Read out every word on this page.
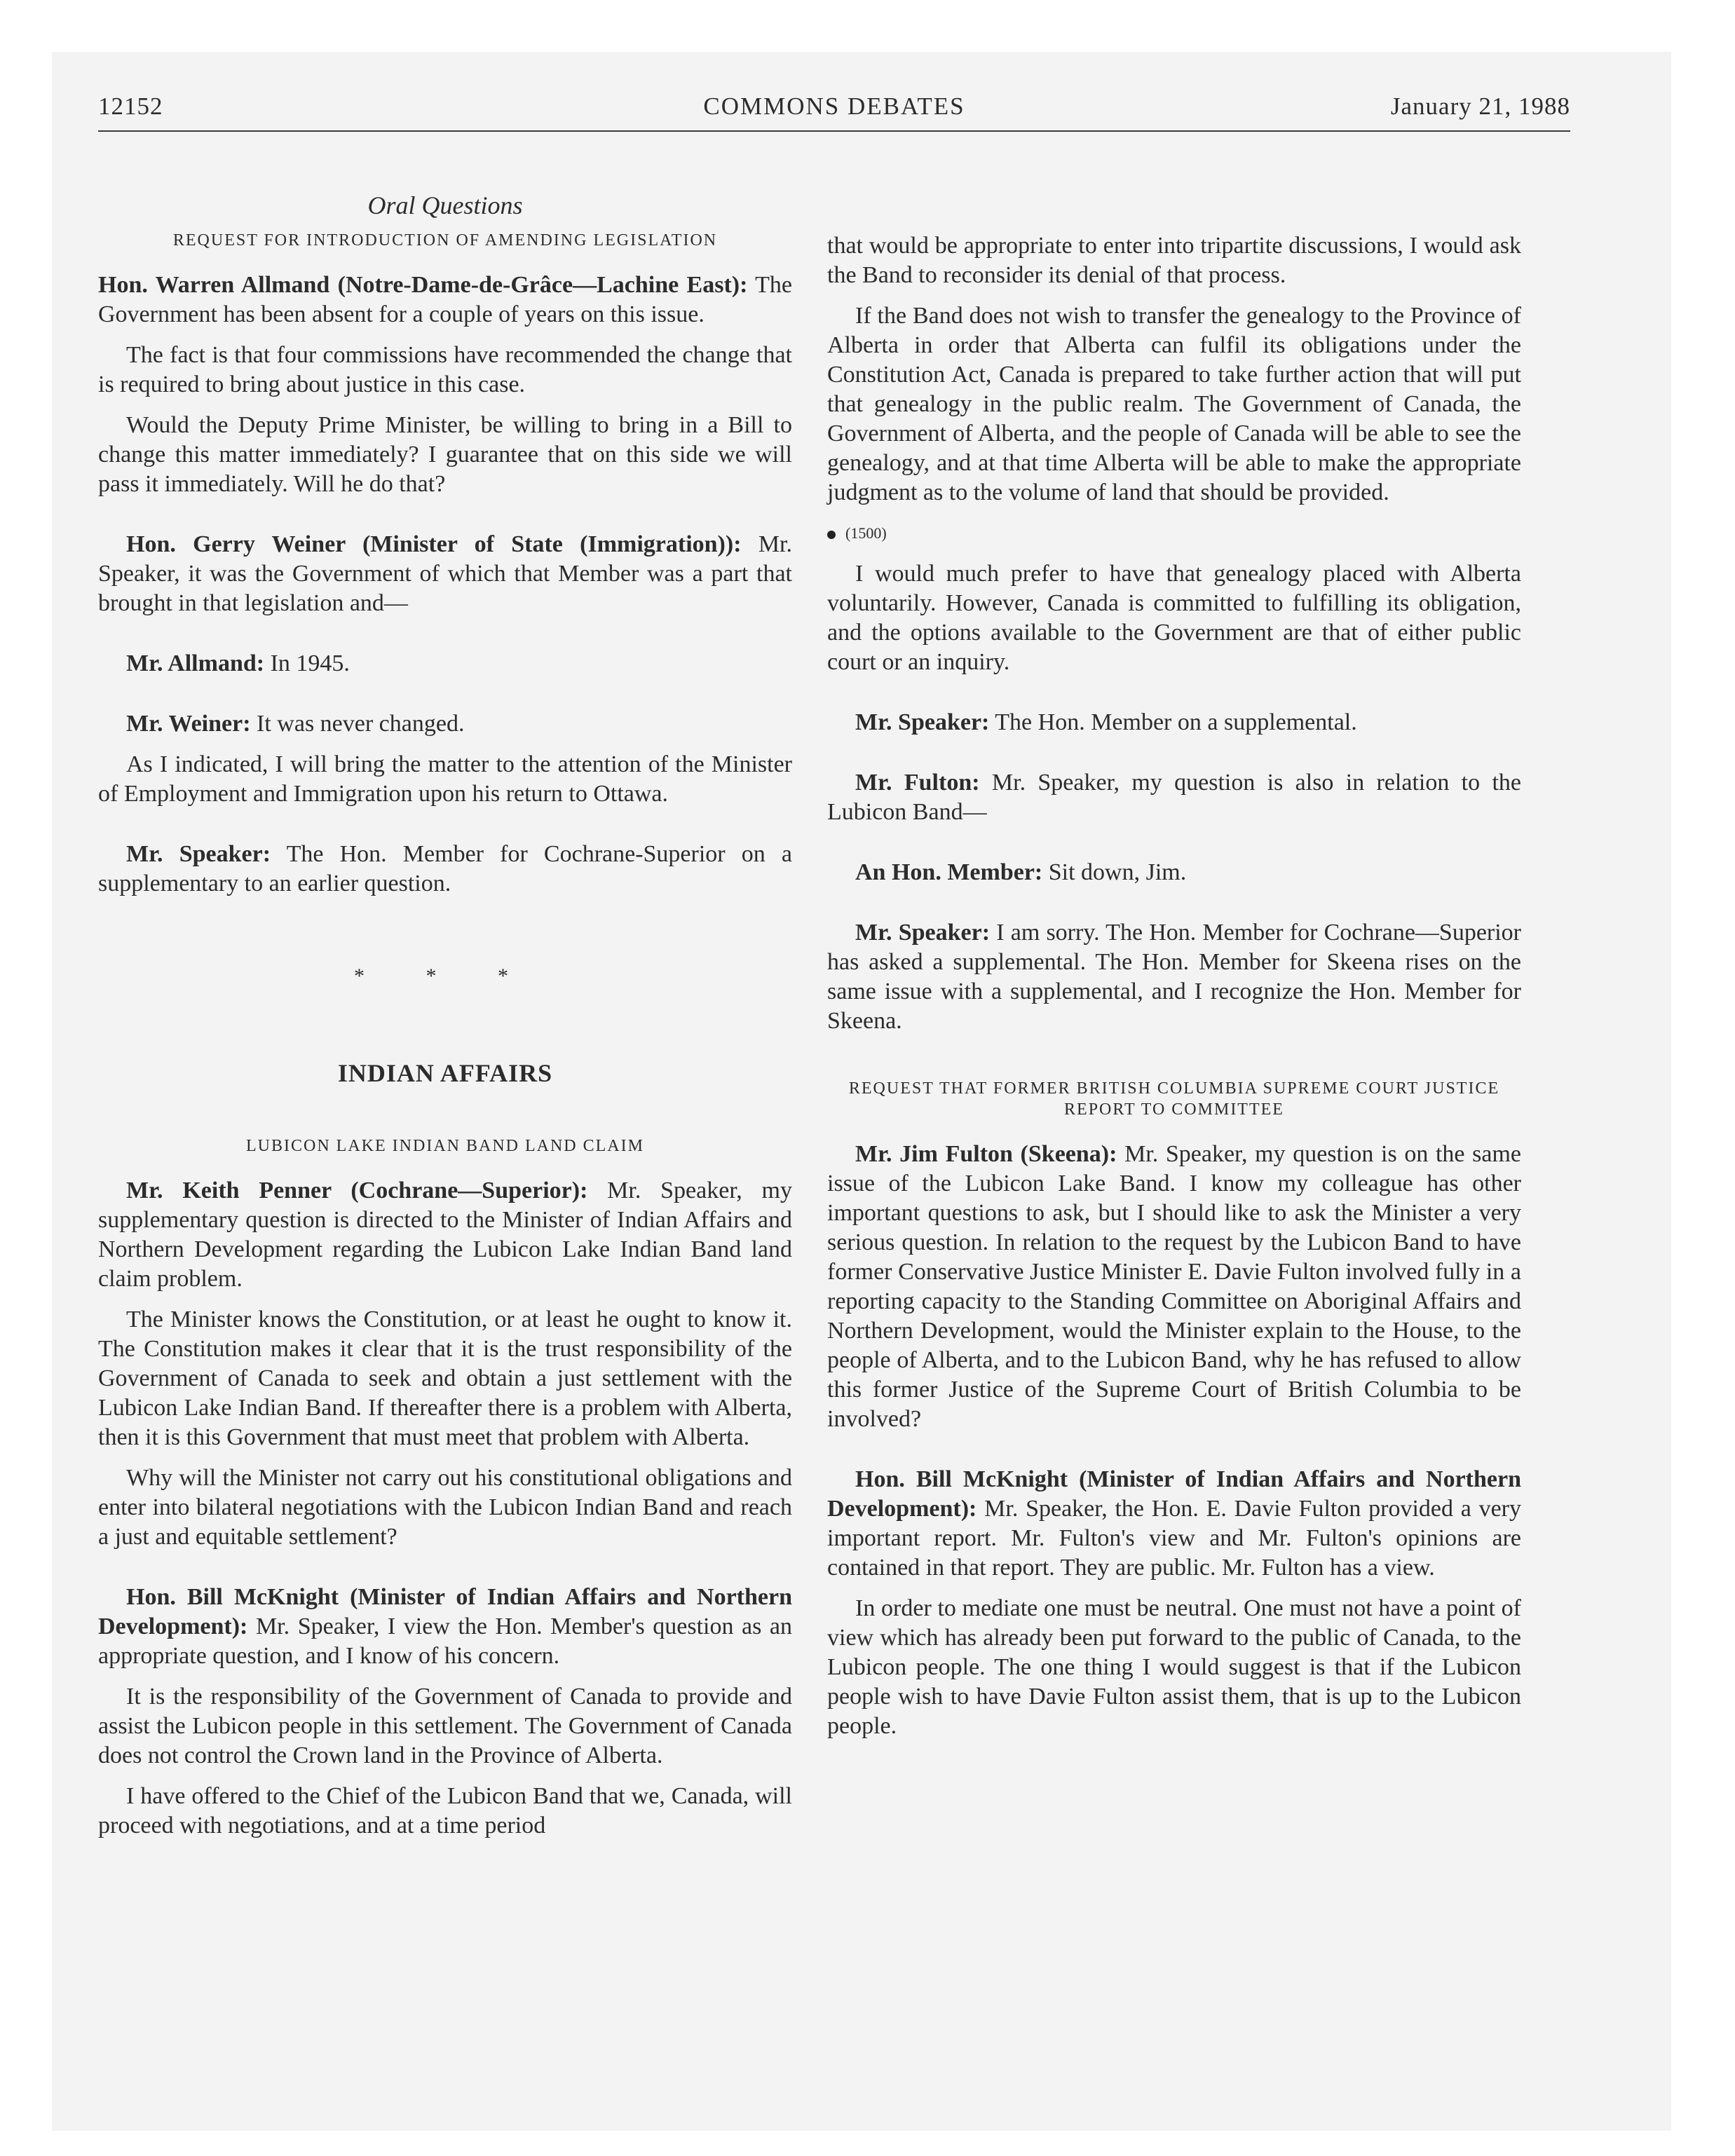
12152	COMMONS DEBATES	January 21, 1988
Oral Questions
REQUEST FOR INTRODUCTION OF AMENDING LEGISLATION

Hon. Warren Allmand (Notre-Dame-de-Grâce—Lachine East): The Government has been absent for a couple of years on this issue.

The fact is that four commissions have recommended the change that is required to bring about justice in this case.

Would the Deputy Prime Minister, be willing to bring in a Bill to change this matter immediately? I guarantee that on this side we will pass it immediately. Will he do that?

Hon. Gerry Weiner (Minister of State (Immigration)): Mr. Speaker, it was the Government of which that Member was a part that brought in that legislation and—

Mr. Allmand: In 1945.

Mr. Weiner: It was never changed.

As I indicated, I will bring the matter to the attention of the Minister of Employment and Immigration upon his return to Ottawa.

Mr. Speaker: The Hon. Member for Cochrane-Superior on a supplementary to an earlier question.

* * *
INDIAN AFFAIRS
LUBICON LAKE INDIAN BAND LAND CLAIM

Mr. Keith Penner (Cochrane—Superior): Mr. Speaker, my supplementary question is directed to the Minister of Indian Affairs and Northern Development regarding the Lubicon Lake Indian Band land claim problem.

The Minister knows the Constitution, or at least he ought to know it. The Constitution makes it clear that it is the trust responsibility of the Government of Canada to seek and obtain a just settlement with the Lubicon Lake Indian Band. If thereafter there is a problem with Alberta, then it is this Government that must meet that problem with Alberta.

Why will the Minister not carry out his constitutional obligations and enter into bilateral negotiations with the Lubicon Indian Band and reach a just and equitable settlement?

Hon. Bill McKnight (Minister of Indian Affairs and Northern Development): Mr. Speaker, I view the Hon. Member's question as an appropriate question, and I know of his concern.

It is the responsibility of the Government of Canada to provide and assist the Lubicon people in this settlement. The Government of Canada does not control the Crown land in the Province of Alberta.

I have offered to the Chief of the Lubicon Band that we, Canada, will proceed with negotiations, and at a time period

that would be appropriate to enter into tripartite discussions, I would ask the Band to reconsider its denial of that process.

If the Band does not wish to transfer the genealogy to the Province of Alberta in order that Alberta can fulfil its obligations under the Constitution Act, Canada is prepared to take further action that will put that genealogy in the public realm. The Government of Canada, the Government of Alberta, and the people of Canada will be able to see the genealogy, and at that time Alberta will be able to make the appropriate judgment as to the volume of land that should be provided.

(1500)

I would much prefer to have that genealogy placed with Alberta voluntarily. However, Canada is committed to fulfilling its obligation, and the options available to the Government are that of either public court or an inquiry.

Mr. Speaker: The Hon. Member on a supplemental.

Mr. Fulton: Mr. Speaker, my question is also in relation to the Lubicon Band—

An Hon. Member: Sit down, Jim.

Mr. Speaker: I am sorry. The Hon. Member for Cochrane—Superior has asked a supplemental. The Hon. Member for Skeena rises on the same issue with a supplemental, and I recognize the Hon. Member for Skeena.

REQUEST THAT FORMER BRITISH COLUMBIA SUPREME COURT JUSTICE REPORT TO COMMITTEE

Mr. Jim Fulton (Skeena): Mr. Speaker, my question is on the same issue of the Lubicon Lake Band. I know my colleague has other important questions to ask, but I should like to ask the Minister a very serious question. In relation to the request by the Lubicon Band to have former Conservative Justice Minister E. Davie Fulton involved fully in a reporting capacity to the Standing Committee on Aboriginal Affairs and Northern Development, would the Minister explain to the House, to the people of Alberta, and to the Lubicon Band, why he has refused to allow this former Justice of the Supreme Court of British Columbia to be involved?

Hon. Bill McKnight (Minister of Indian Affairs and Northern Development): Mr. Speaker, the Hon. E. Davie Fulton provided a very important report. Mr. Fulton's view and Mr. Fulton's opinions are contained in that report. They are public. Mr. Fulton has a view.

In order to mediate one must be neutral. One must not have a point of view which has already been put forward to the public of Canada, to the Lubicon people. The one thing I would suggest is that if the Lubicon people wish to have Davie Fulton assist them, that is up to the Lubicon people.
